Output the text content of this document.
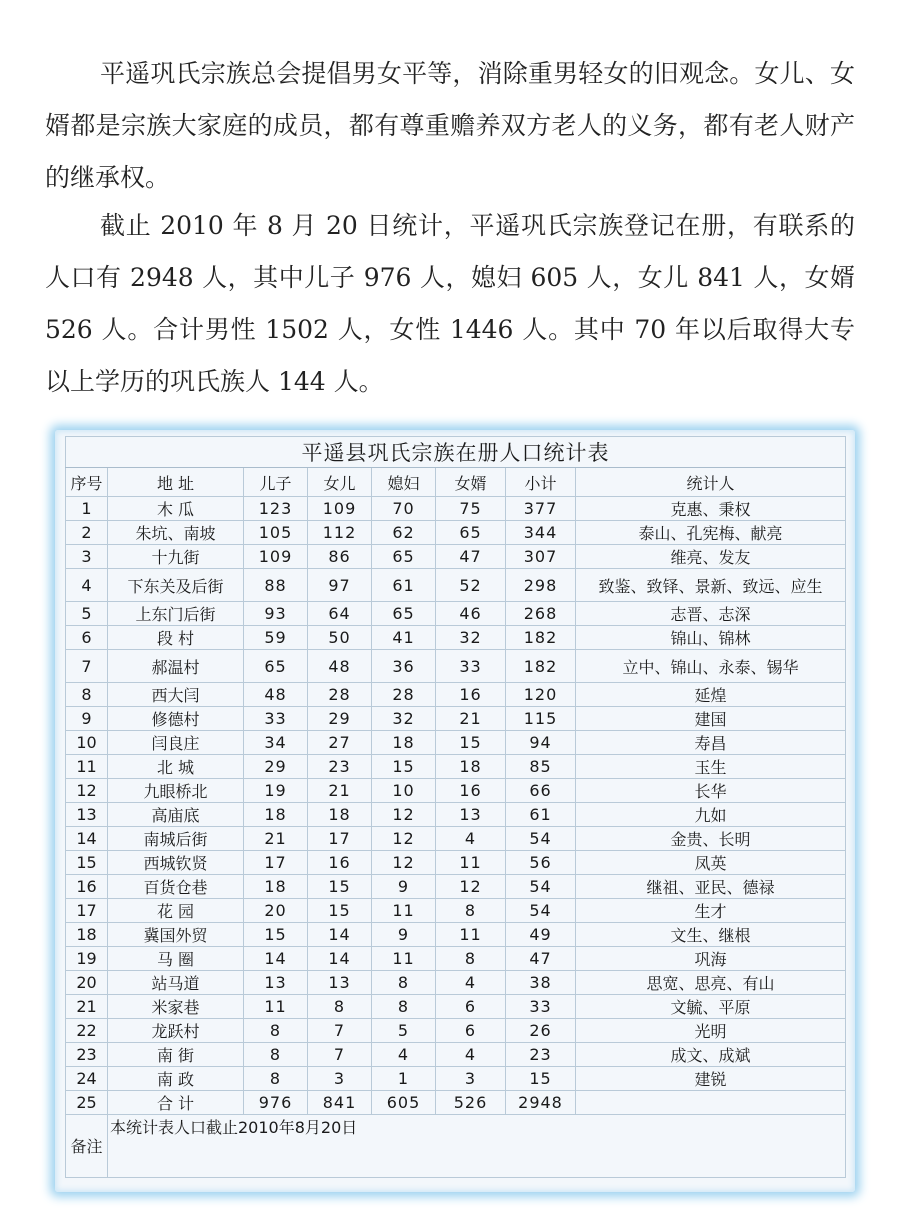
平遥巩氏宗族总会提倡男女平等，消除重男轻女的旧观念。女儿、女婿都是宗族大家庭的成员，都有尊重赡养双方老人的义务，都有老人财产的继承权。

截止 2010 年 8 月 20 日统计，平遥巩氏宗族登记在册，有联系的人口有 2948 人，其中儿子 976 人，媳妇 605 人，女儿 841 人，女婿 526 人。合计男性 1502 人，女性 1446 人。其中 70 年以后取得大专以上学历的巩氏族人 144 人。

平遥县巩氏宗族在册人口统计表							
序号	地 址	儿子	女儿	媳妇	女婿	小计	统计人
1	木 瓜	123	109	70	75	377	克惠、秉权
2	朱坑、南坡	105	112	62	65	344	泰山、孔宪梅、献亮
3	十九街	109	86	65	47	307	维亮、发友
4	下东关及后街	88	97	61	52	298	致鉴、致铎、景新、致远、应生
5	上东门后街	93	64	65	46	268	志晋、志深
6	段 村	59	50	41	32	182	锦山、锦林
7	郝温村	65	48	36	33	182	立中、锦山、永泰、锡华
8	西大闫	48	28	28	16	120	延煌
9	修德村	33	29	32	21	115	建国
10	闫良庄	34	27	18	15	94	寿昌
11	北 城	29	23	15	18	85	玉生
12	九眼桥北	19	21	10	16	66	长华
13	高庙底	18	18	12	13	61	九如
14	南城后街	21	17	12	4	54	金贵、长明
15	西城钦贤	17	16	12	11	56	凤英
16	百货仓巷	18	15	9	12	54	继祖、亚民、德禄
17	花 园	20	15	11	8	54	生才
18	冀国外贸	15	14	9	11	49	文生、继根
19	马 圈	14	14	11	8	47	巩海
20	站马道	13	13	8	4	38	思宽、思亮、有山
21	米家巷	11	8	8	6	33	文毓、平原
22	龙跃村	8	7	5	6	26	光明
23	南 街	8	7	4	4	23	成文、成斌
24	南 政	8	3	1	3	15	建锐
25	合 计	976	841	605	526	2948	
备注	本统计表人口截止2010年8月20日						
